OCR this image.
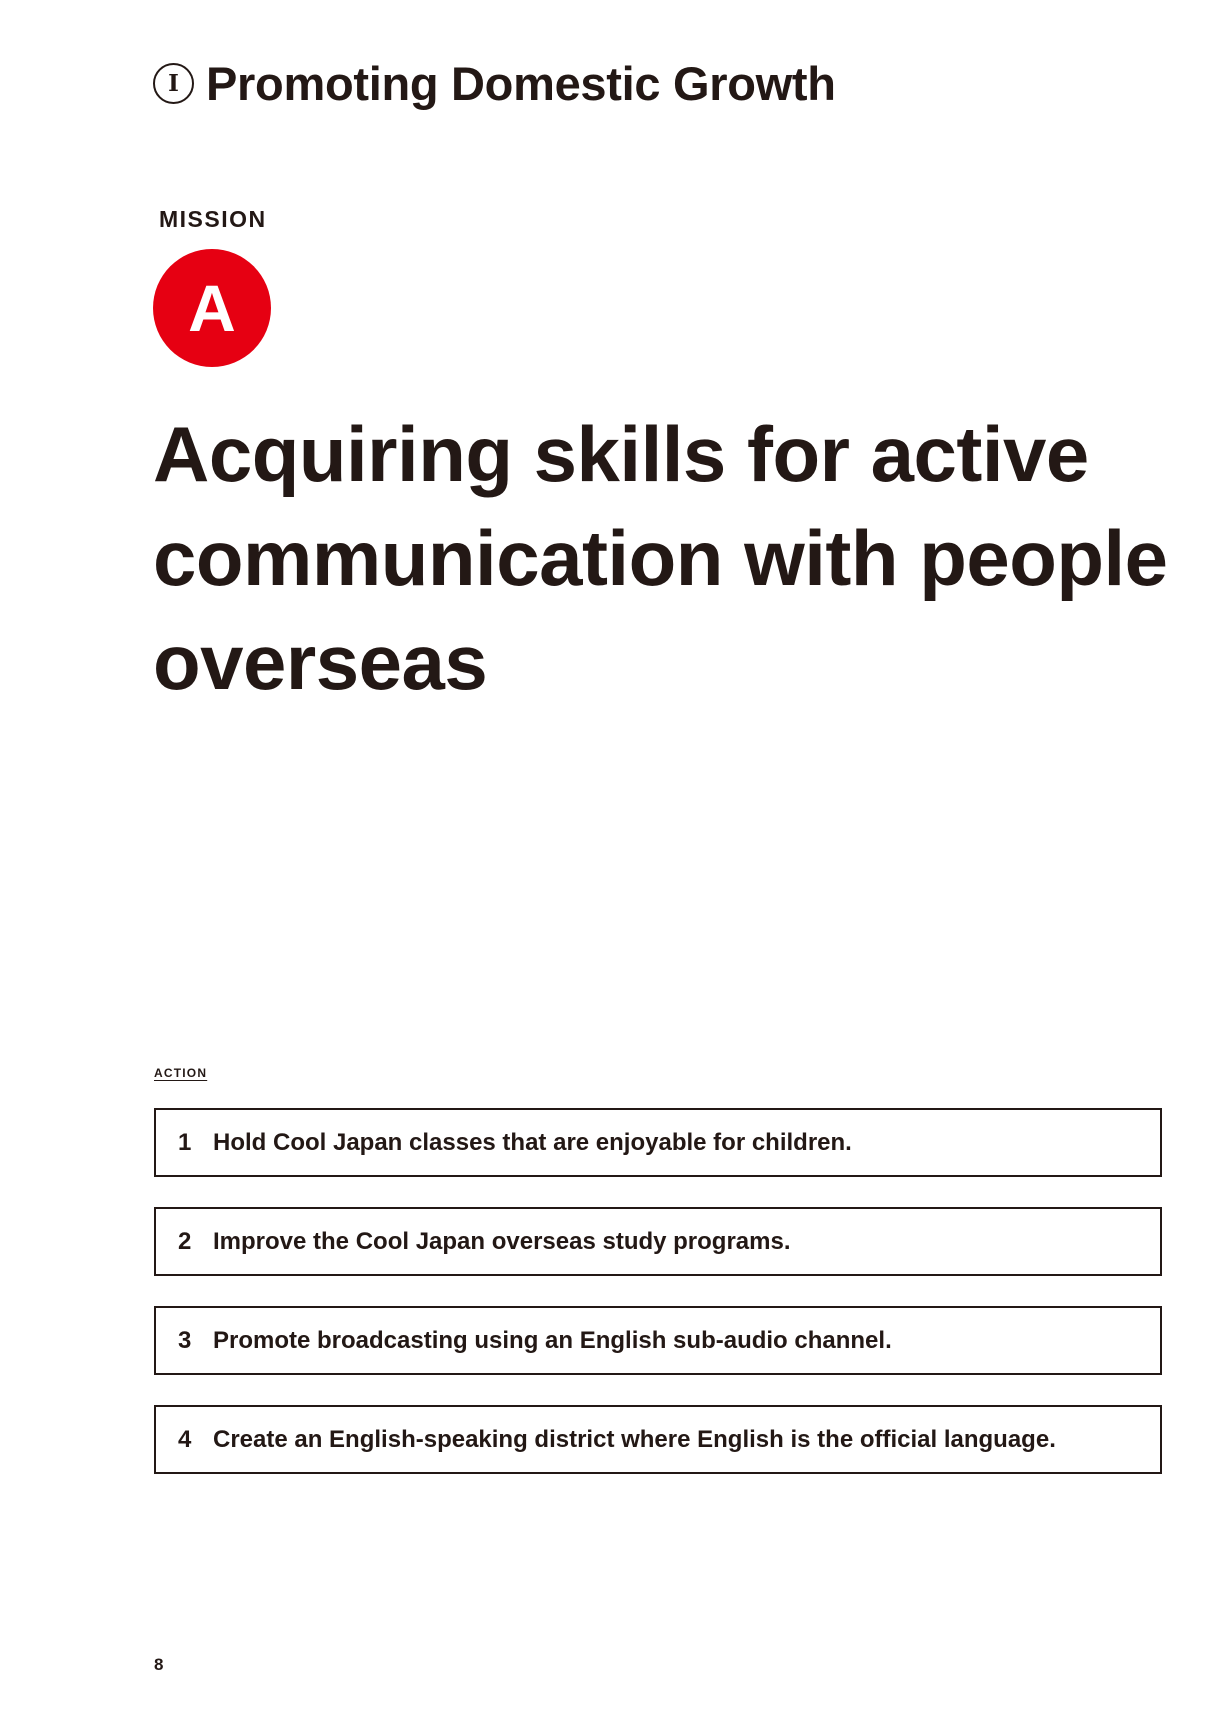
I Promoting Domestic Growth
MISSION
A
Acquiring skills for active communication with people overseas
ACTION
1 Hold Cool Japan classes that are enjoyable for children.
2 Improve the Cool Japan overseas study programs.
3 Promote broadcasting using an English sub-audio channel.
4 Create an English-speaking district where English is the official language.
8
